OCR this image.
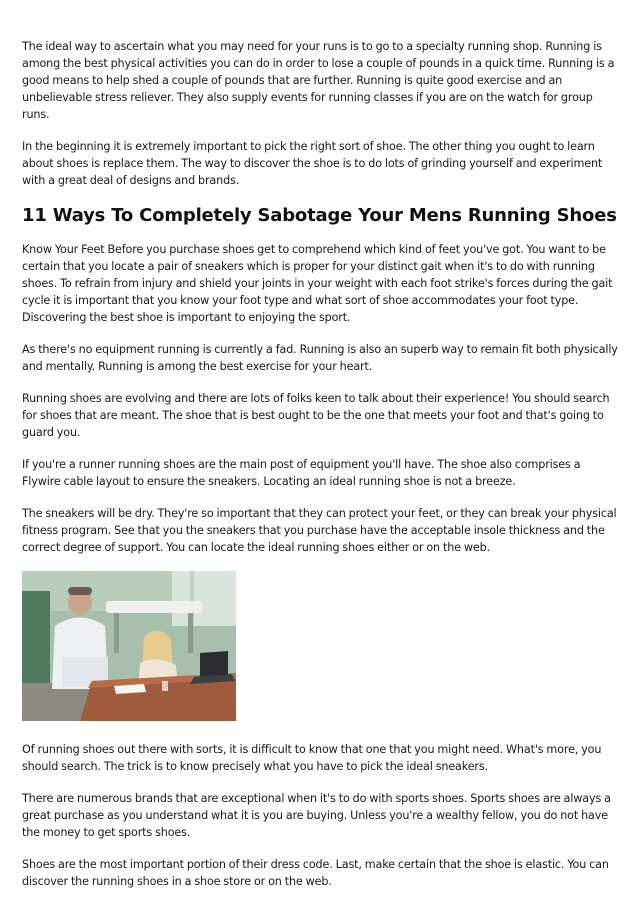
The ideal way to ascertain what you may need for your runs is to go to a specialty running shop. Running is among the best physical activities you can do in order to lose a couple of pounds in a quick time. Running is a good means to help shed a couple of pounds that are further. Running is quite good exercise and an unbelievable stress reliever. They also supply events for running classes if you are on the watch for group runs.

In the beginning it is extremely important to pick the right sort of shoe. The other thing you ought to learn about shoes is replace them. The way to discover the shoe is to do lots of grinding yourself and experiment with a great deal of designs and brands.

11 Ways To Completely Sabotage Your Mens Running Shoes

Know Your Feet Before you purchase shoes get to comprehend which kind of feet you've got. You want to be certain that you locate a pair of sneakers which is proper for your distinct gait when it's to do with running shoes. To refrain from injury and shield your joints in your weight with each foot strike's forces during the gait cycle it is important that you know your foot type and what sort of shoe accommodates your foot type. Discovering the best shoe is important to enjoying the sport.

As there's no equipment running is currently a fad. Running is also an superb way to remain fit both physically and mentally. Running is among the best exercise for your heart.

Running shoes are evolving and there are lots of folks keen to talk about their experience! You should search for shoes that are meant. The shoe that is best ought to be the one that meets your foot and that's going to guard you.

If you're a runner running shoes are the main post of equipment you'll have. The shoe also comprises a Flywire cable layout to ensure the sneakers. Locating an ideal running shoe is not a breeze.

The sneakers will be dry. They're so important that they can protect your feet, or they can break your physical fitness program. See that you the sneakers that you purchase have the acceptable insole thickness and the correct degree of support. You can locate the ideal running shoes either or on the web.

Of running shoes out there with sorts, it is difficult to know that one that you might need. What's more, you should search. The trick is to know precisely what you have to pick the ideal sneakers.

There are numerous brands that are exceptional when it's to do with sports shoes. Sports shoes are always a great purchase as you understand what it is you are buying. Unless you're a wealthy fellow, you do not have the money to get sports shoes.

Shoes are the most important portion of their dress code. Last, make certain that the shoe is elastic. You can discover the running shoes in a shoe store or on the web.
